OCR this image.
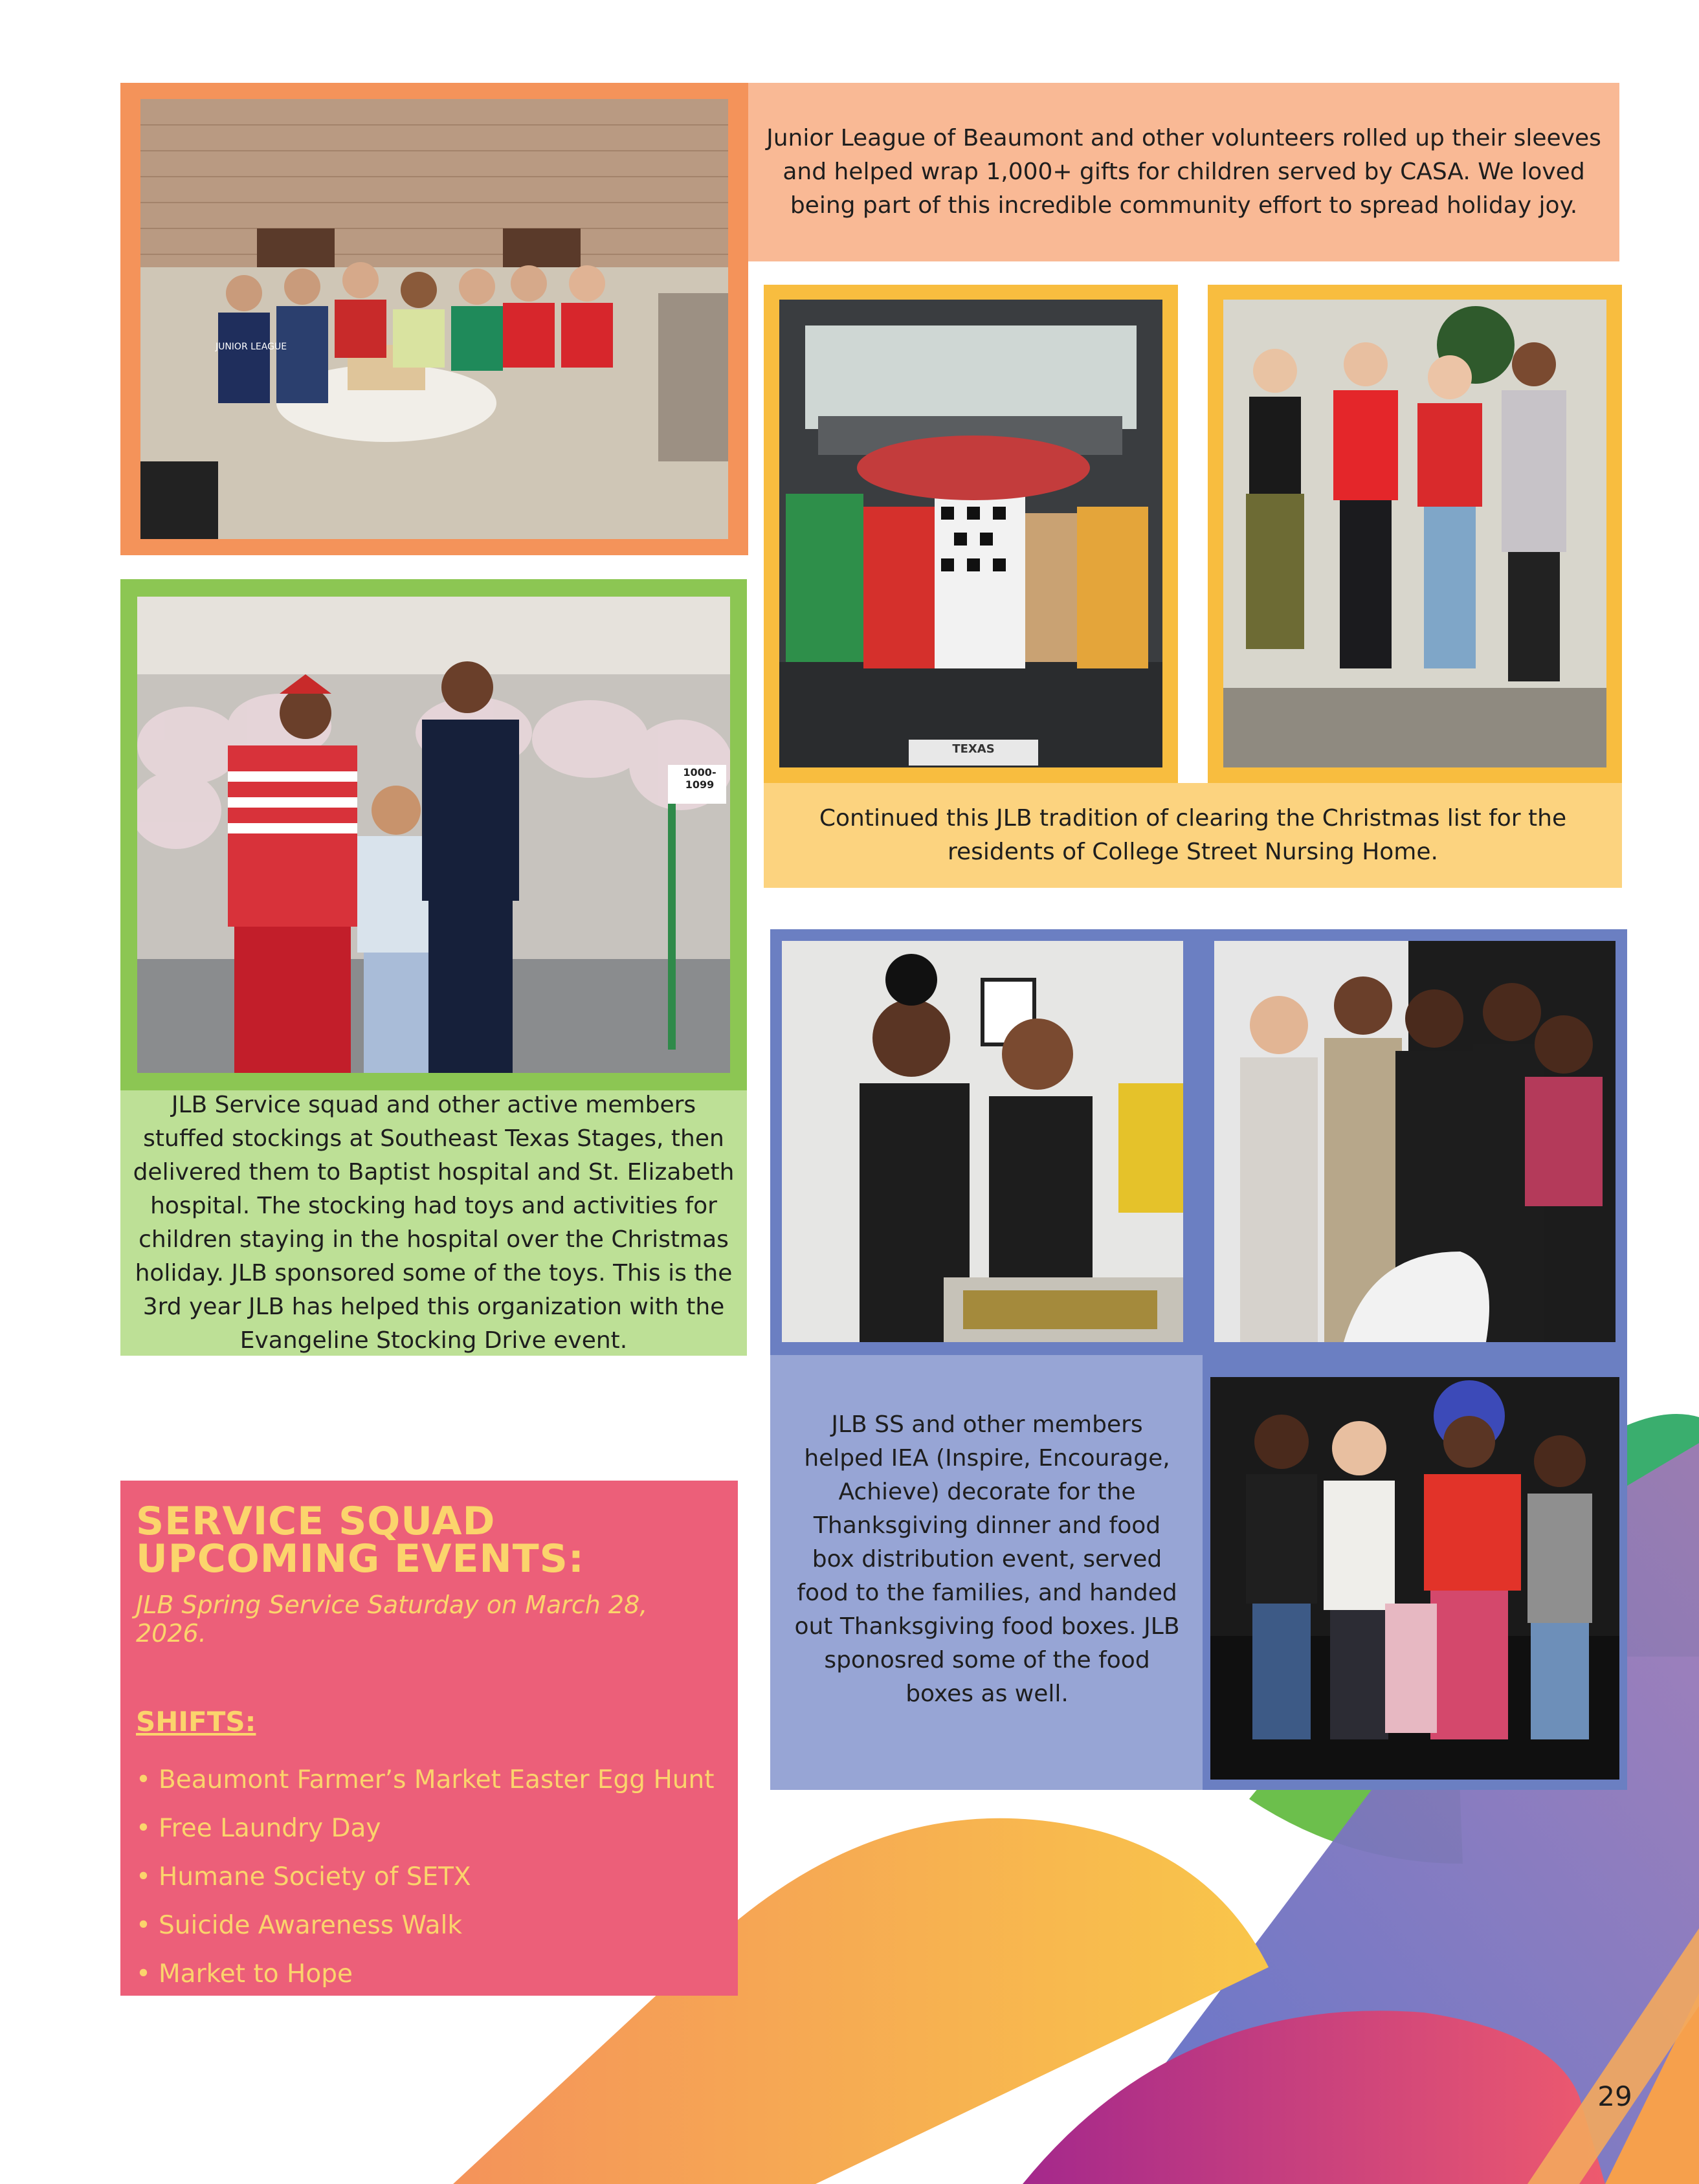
JUNIOR LEAGUE

Junior League of Beaumont and other volunteers rolled up their sleeves and helped wrap 1,000+ gifts for children served by CASA. We loved being part of this incredible community effort to spread holiday joy.

TEXAS

Continued this JLB tradition of clearing the Christmas list for the residents of College Street Nursing Home.

1000-1099

JLB Service squad and other active members stuffed stockings at Southeast Texas Stages, then delivered them to Baptist hospital and St. Elizabeth hospital. The stocking had toys and activities for children staying in the hospital over the Christmas holiday. JLB sponsored some of the toys. This is the 3rd year JLB has helped this organization with the Evangeline Stocking Drive event.

JLB SS and other members helped IEA (Inspire, Encourage, Achieve) decorate for the Thanksgiving dinner and food box distribution event, served food to the families, and handed out Thanksgiving food boxes. JLB sponosred some of the food boxes as well.

SERVICE SQUAD
UPCOMING EVENTS:
JLB Spring Service Saturday on March 28, 2026.
SHIFTS:
• Beaumont Farmer’s Market Easter Egg Hunt
• Free Laundry Day
• Humane Society of SETX
• Suicide Awareness Walk
• Market to Hope
29
